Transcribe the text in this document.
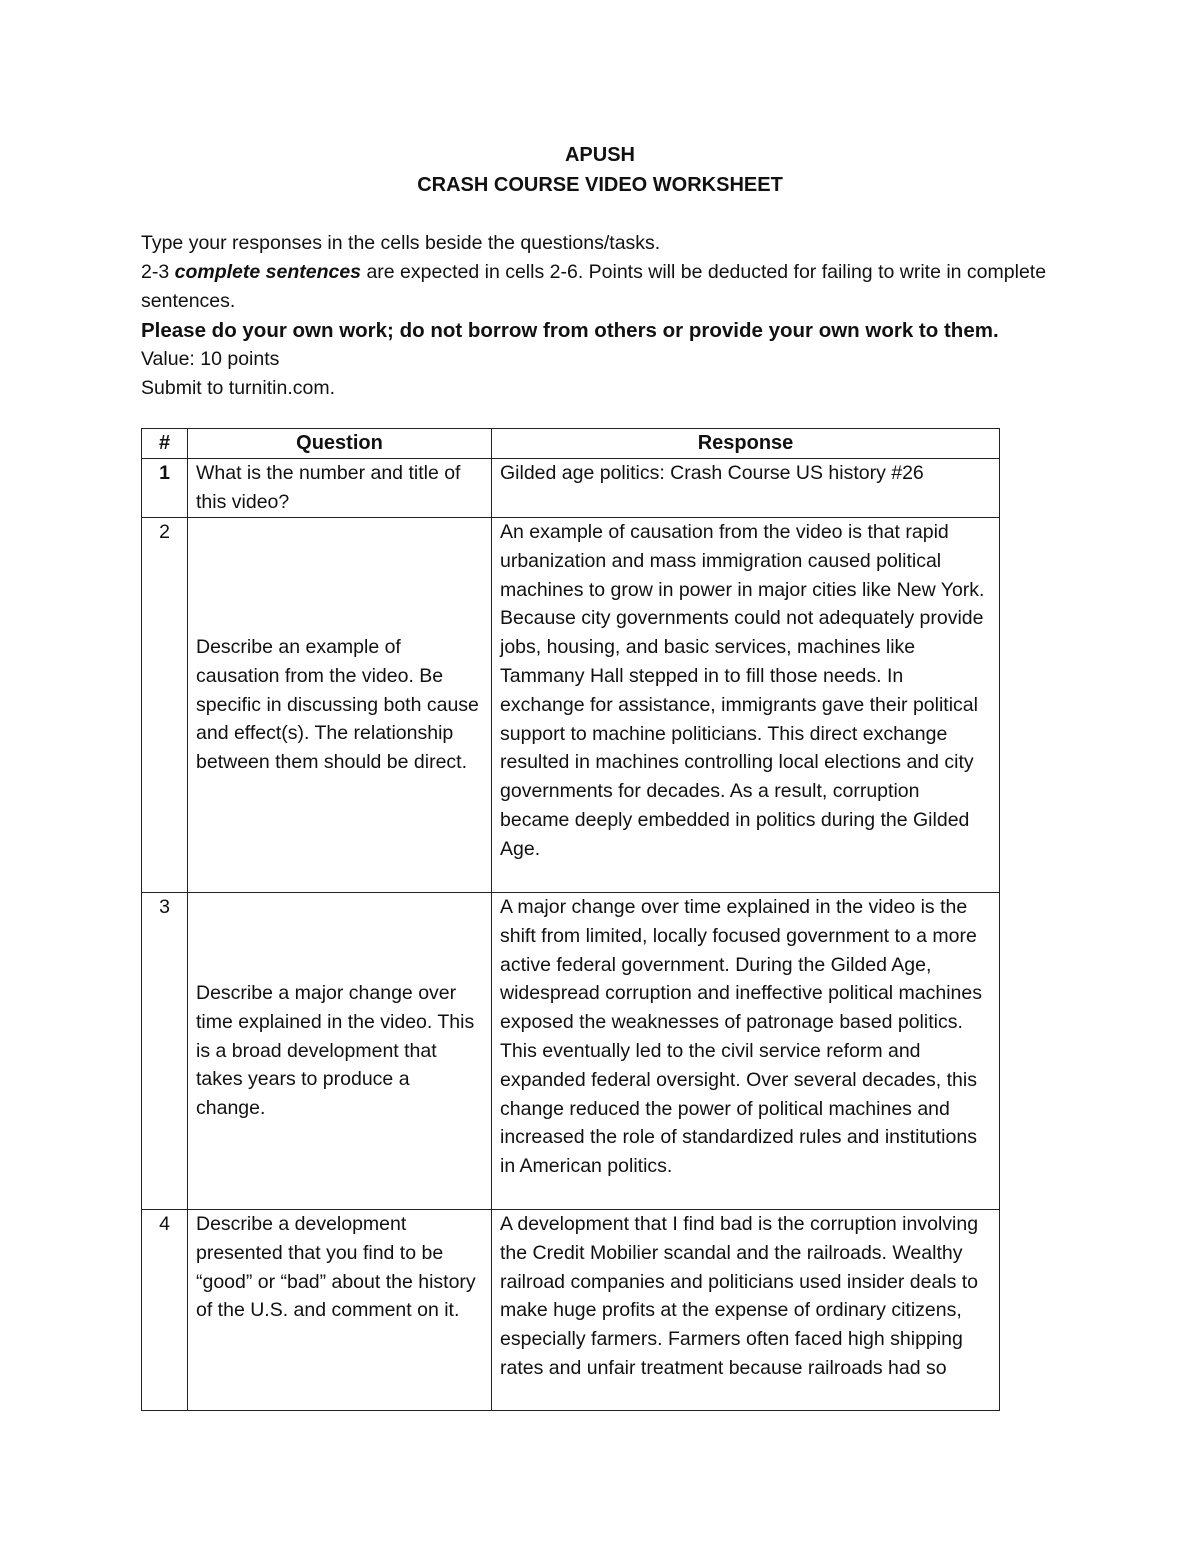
APUSH
CRASH COURSE VIDEO WORKSHEET

Type your responses in the cells beside the questions/tasks.

2-3 complete sentences are expected in cells 2-6. Points will be deducted for failing to write in complete sentences.

Please do your own work; do not borrow from others or provide your own work to them.

Value: 10 points

Submit to turnitin.com.

#	Question	Response
1	What is the number and title of this video?	Gilded age politics: Crash Course US history #26
2	Describe an example of causation from the video. Be specific in discussing both cause and effect(s). The relationship between them should be direct.	An example of causation from the video is that rapid urbanization and mass immigration caused political machines to grow in power in major cities like New York. Because city governments could not adequately provide jobs, housing, and basic services, machines like Tammany Hall stepped in to fill those needs. In exchange for assistance, immigrants gave their political support to machine politicians. This direct exchange resulted in machines controlling local elections and city governments for decades. As a result, corruption became deeply embedded in politics during the Gilded Age.
3	Describe a major change over time explained in the video. This is a broad development that takes years to produce a change.	A major change over time explained in the video is the shift from limited, locally focused government to a more active federal government. During the Gilded Age, widespread corruption and ineffective political machines exposed the weaknesses of patronage based politics. This eventually led to the civil service reform and expanded federal oversight. Over several decades, this change reduced the power of political machines and increased the role of standardized rules and institutions in American politics.
4	Describe a development presented that you find to be “good” or “bad” about the history of the U.S. and comment on it.	A development that I find bad is the corruption involving the Credit Mobilier scandal and the railroads. Wealthy railroad companies and politicians used insider deals to make huge profits at the expense of ordinary citizens, especially farmers. Farmers often faced high shipping rates and unfair treatment because railroads had so
